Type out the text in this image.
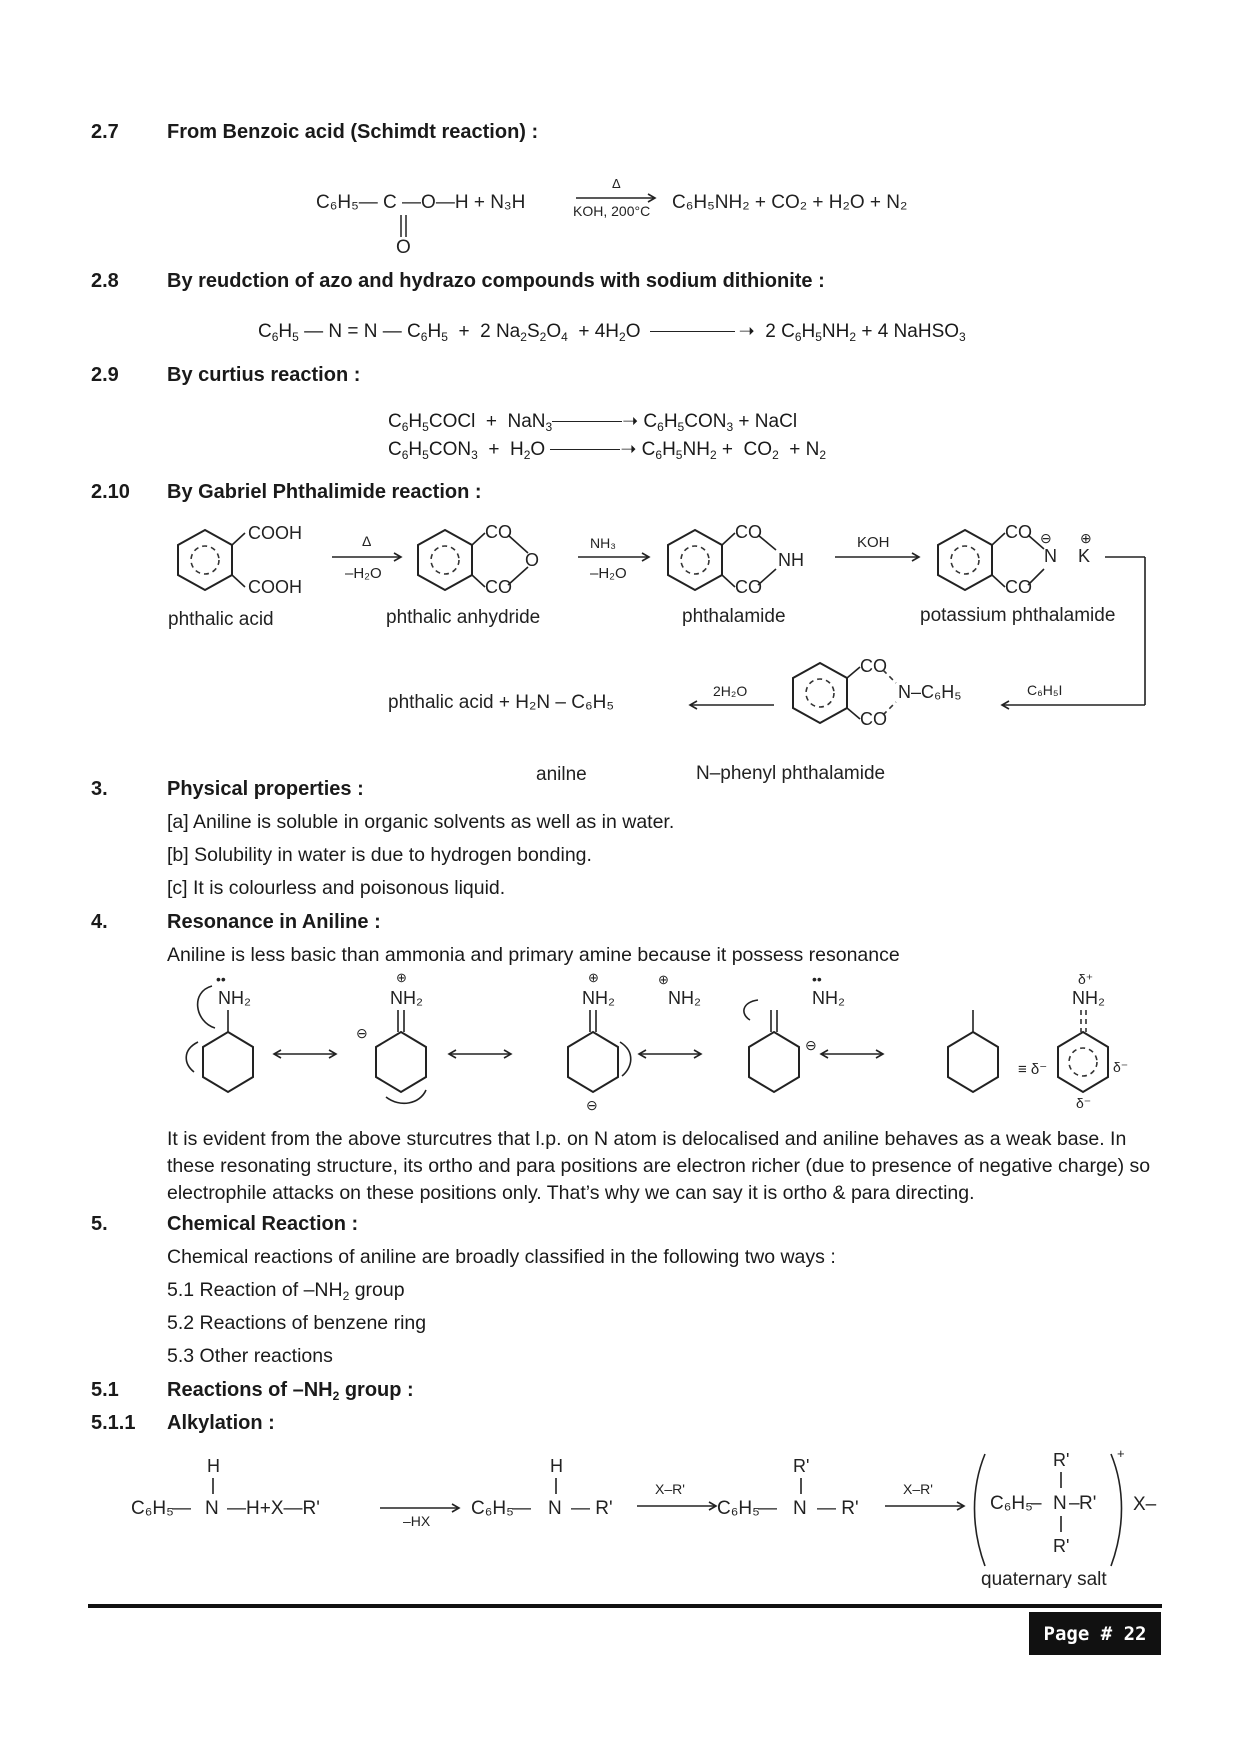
2.7 From Benzoic acid (Schimdt reaction) :
C₆H₅— C —O—H + N₃H
O
Δ
KOH, 200°C C₆H₅NH₂ + CO₂ + H₂O + N₂
2.8 By reudction of azo and hydrazo compounds with sodium dithionite :
$C_6H_5$ — N = N — $C_6H_5 + 2$ $Na_2S_2O_4 + 4H_2O$	➝  2 $C_6H_5NH_2 + 4$ NaHSO$_3$
2.9 By curtius reaction :
$C_6H_5COCl + NaN_3$	➝ $C_6H_5CON_3$ + NaCl
$C_6H_5CON_3 + H_2O$	➝ $C_6H_5NH_2 + CO_2 + N_2$
2.10 By Gabriel Phthalimide reaction :
COOH
COOH
phthalic acid
Δ
–H₂O
CO
CO
O
phthalic anhydride
NH₃
–H₂O
CO
CO
NH
phthalamide
KOH
CO
CO
⊖
N
⊕
K
potassium phthalamide
C₆H₅I
CO
CO
N–C₆H₅
N–phenyl phthalamide
2H₂O
phthalic acid + H₂N – C₆H₅
anilne
3.	Physical properties :
[a] Aniline is soluble in organic solvents as well as in water.
[b] Solubility in water is due to hydrogen bonding.
[c] It is colourless and poisonous liquid.
4.	Resonance in Aniline :
Aniline is less basic than ammonia and primary amine because it possess resonance
••
NH₂
⊕
NH₂
⊖
⊕
NH₂
⊖
⊕
NH₂
⊖
••
NH₂
≡ δ⁻
δ⁺
NH₂
δ⁻
δ⁻
It is evident from the above sturcutres that l.p. on N atom is delocalised and aniline behaves as a weak base. In these resonating structure, its ortho and para positions are electron richer (due to presence of negative charge) so electrophile attacks on these positions only. That’s why we can say it is ortho & para directing.
5.	Chemical Reaction :
Chemical reactions of aniline are broadly classified in the following two ways :
5.1 Reaction of $-NH_2$ group
5.2 Reactions of benzene ring
5.3 Other reactions
5.1 Reactions of $-NH_2$ group :
5.1.1 Alkylation :
H
C₆H₅
— N —H+X—R'
–HX
H
C₆H₅
— N — R'
X–R'
R'
C₆H₅
— N — R'
X–R'
R'
C₆H₅
– N – R'
R'
+
X–
quaternary salt
Page # 22
